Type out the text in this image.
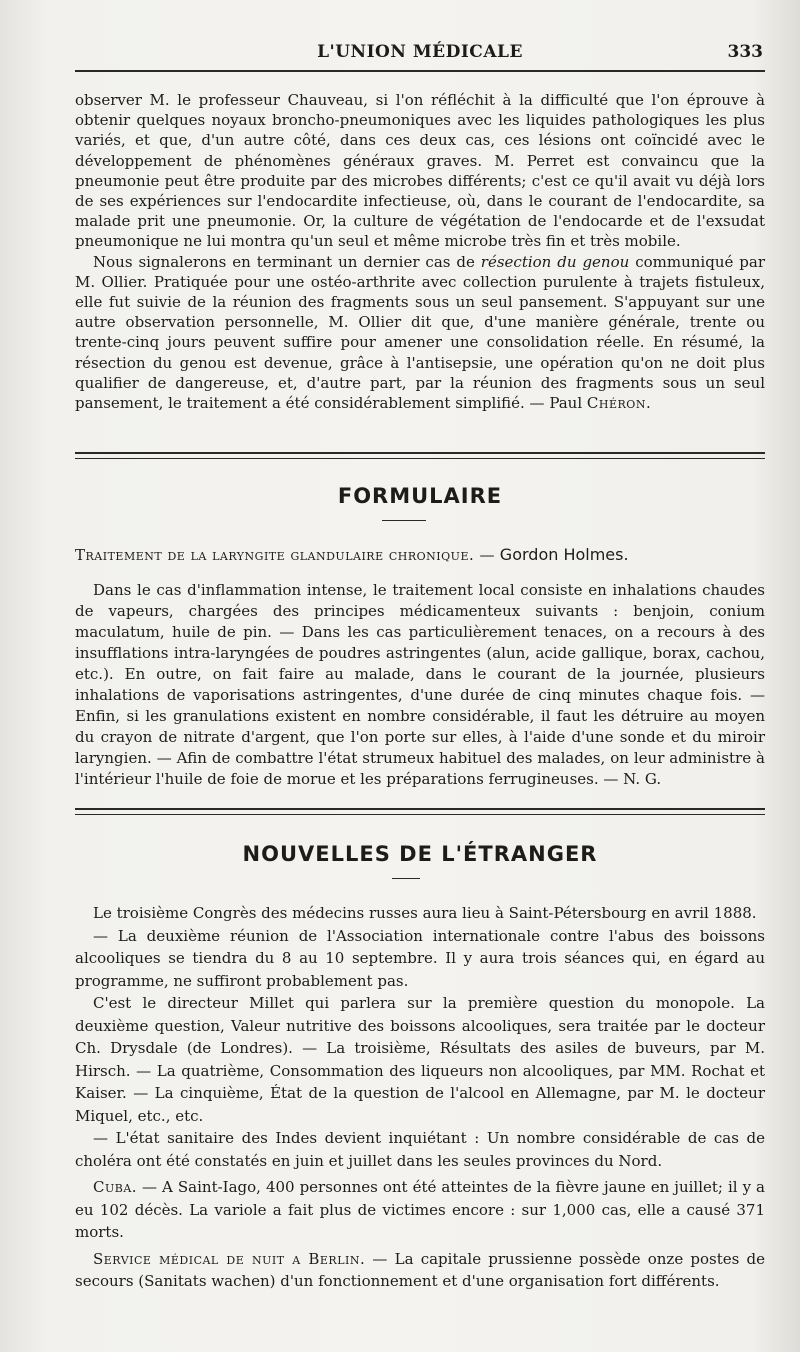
L'UNION MÉDICALE	333

observer M. le professeur Chauveau, si l'on réfléchit à la difficulté que l'on éprouve à obtenir quelques noyaux broncho-pneumoniques avec les liquides pathologiques les plus variés, et que, d'un autre côté, dans ces deux cas, ces lésions ont coïncidé avec le développement de phénomènes généraux graves. M. Perret est convaincu que la pneumonie peut être produite par des microbes différents; c'est ce qu'il avait vu déjà lors de ses expériences sur l'endocardite infectieuse, où, dans le courant de l'endocardite, sa malade prit une pneumonie. Or, la culture de végétation de l'endocarde et de l'exsudat pneumonique ne lui montra qu'un seul et même microbe très fin et très mobile.

Nous signalerons en terminant un dernier cas de résection du genou communiqué par M. Ollier. Pratiquée pour une ostéo-arthrite avec collection purulente à trajets fistuleux, elle fut suivie de la réunion des fragments sous un seul pansement. S'appuyant sur une autre observation personnelle, M. Ollier dit que, d'une manière générale, trente ou trente-cinq jours peuvent suffire pour amener une consolidation réelle. En résumé, la résection du genou est devenue, grâce à l'antisepsie, une opération qu'on ne doit plus qualifier de dangereuse, et, d'autre part, par la réunion des fragments sous un seul pansement, le traitement a été considérablement simplifié. — Paul Chéron.

FORMULAIRE
Traitement de la laryngite glandulaire chronique. — Gordon Holmes.
Dans le cas d'inflammation intense, le traitement local consiste en inhalations chaudes de vapeurs, chargées des principes médicamenteux suivants : benjoin, conium maculatum, huile de pin. — Dans les cas particulièrement tenaces, on a recours à des insufflations intra-laryngées de poudres astringentes (alun, acide gallique, borax, cachou, etc.). En outre, on fait faire au malade, dans le courant de la journée, plusieurs inhalations de vaporisations astringentes, d'une durée de cinq minutes chaque fois. — Enfin, si les granulations existent en nombre considérable, il faut les détruire au moyen du crayon de nitrate d'argent, que l'on porte sur elles, à l'aide d'une sonde et du miroir laryngien. — Afin de combattre l'état strumeux habituel des malades, on leur administre à l'intérieur l'huile de foie de morue et les préparations ferrugineuses. — N. G.
NOUVELLES DE L'ÉTRANGER

Le troisième Congrès des médecins russes aura lieu à Saint-Pétersbourg en avril 1888.

— La deuxième réunion de l'Association internationale contre l'abus des boissons alcooliques se tiendra du 8 au 10 septembre. Il y aura trois séances qui, en égard au programme, ne suffiront probablement pas.

C'est le directeur Millet qui parlera sur la première question du monopole. La deuxième question, Valeur nutritive des boissons alcooliques, sera traitée par le docteur Ch. Drysdale (de Londres). — La troisième, Résultats des asiles de buveurs, par M. Hirsch. — La quatrième, Consommation des liqueurs non alcooliques, par MM. Rochat et Kaiser. — La cinquième, État de la question de l'alcool en Allemagne, par M. le docteur Miquel, etc., etc.

— L'état sanitaire des Indes devient inquiétant : Un nombre considérable de cas de choléra ont été constatés en juin et juillet dans les seules provinces du Nord.

Cuba. — A Saint-Iago, 400 personnes ont été atteintes de la fièvre jaune en juillet; il y a eu 102 décès. La variole a fait plus de victimes encore : sur 1,000 cas, elle a causé 371 morts.

Service médical de nuit a Berlin. — La capitale prussienne possède onze postes de secours (Sanitats wachen) d'un fonctionnement et d'une organisation fort différents.
